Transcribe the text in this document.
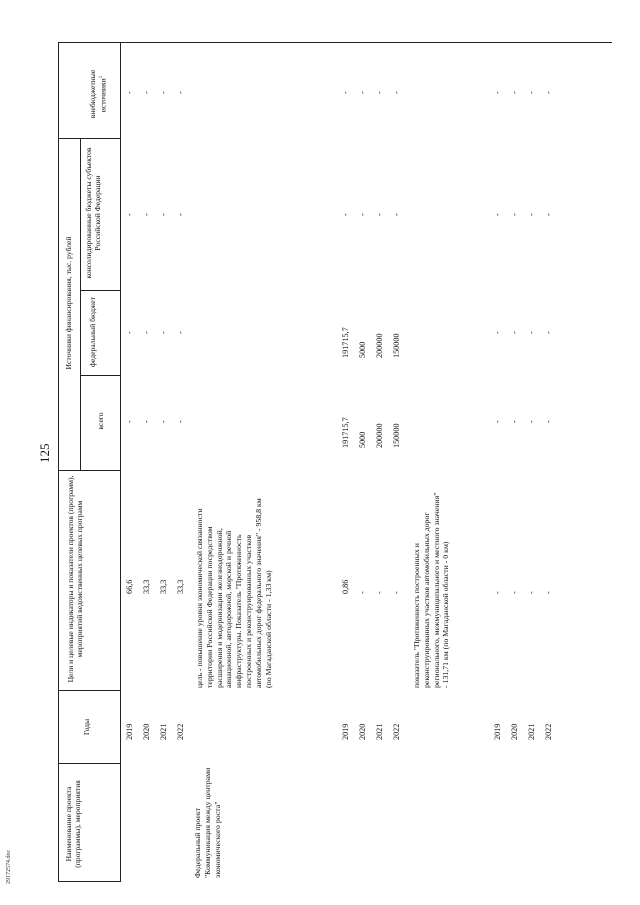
125
29172574.doc
Наименование проекта (программы), мероприятия
Годы
Цели и целевые индикаторы и показатели проектов (программ), мероприятий ведомственных целевых программ
Источники финансирования, тыс. рублей
всего
федеральный бюджет
консолидированные бюджеты субъектов Российской Федерации
внебюджетные источники$^1$
2019
66,6
-
-
-
-
2020
33,3
-
-
-
-
2021
33,3
-
-
-
-
2022
33,3
-
-
-
-
Федеральный проект "Коммуникация между центрами экономического роста"
цель - повышение уровня экономической связанности территории Российской Федерации посредством расширения и модернизации железнодорожной, авиационной, автодорожной, морской и речной инфраструктуры. Показатель "Протяженность построенных и реконструированных участков автомобильных дорог федерального значения" - 958,8 км (по Магаданской области - 1,33 км)
2019
0,86
191715,7
191715,7
-
-
2020
-
5000
5000
-
-
2021
-
200000
200000
-
-
2022
-
150000
150000
-
-
показатель "Протяженность построенных и реконструированных участков автомобильных дорог регионального, межмуниципального и местного значения" - 131,71 км (по Магаданской области - 0 км)
2019
-
-
-
-
-
2020
-
-
-
-
-
2021
-
-
-
-
-
2022
-
-
-
-
-
